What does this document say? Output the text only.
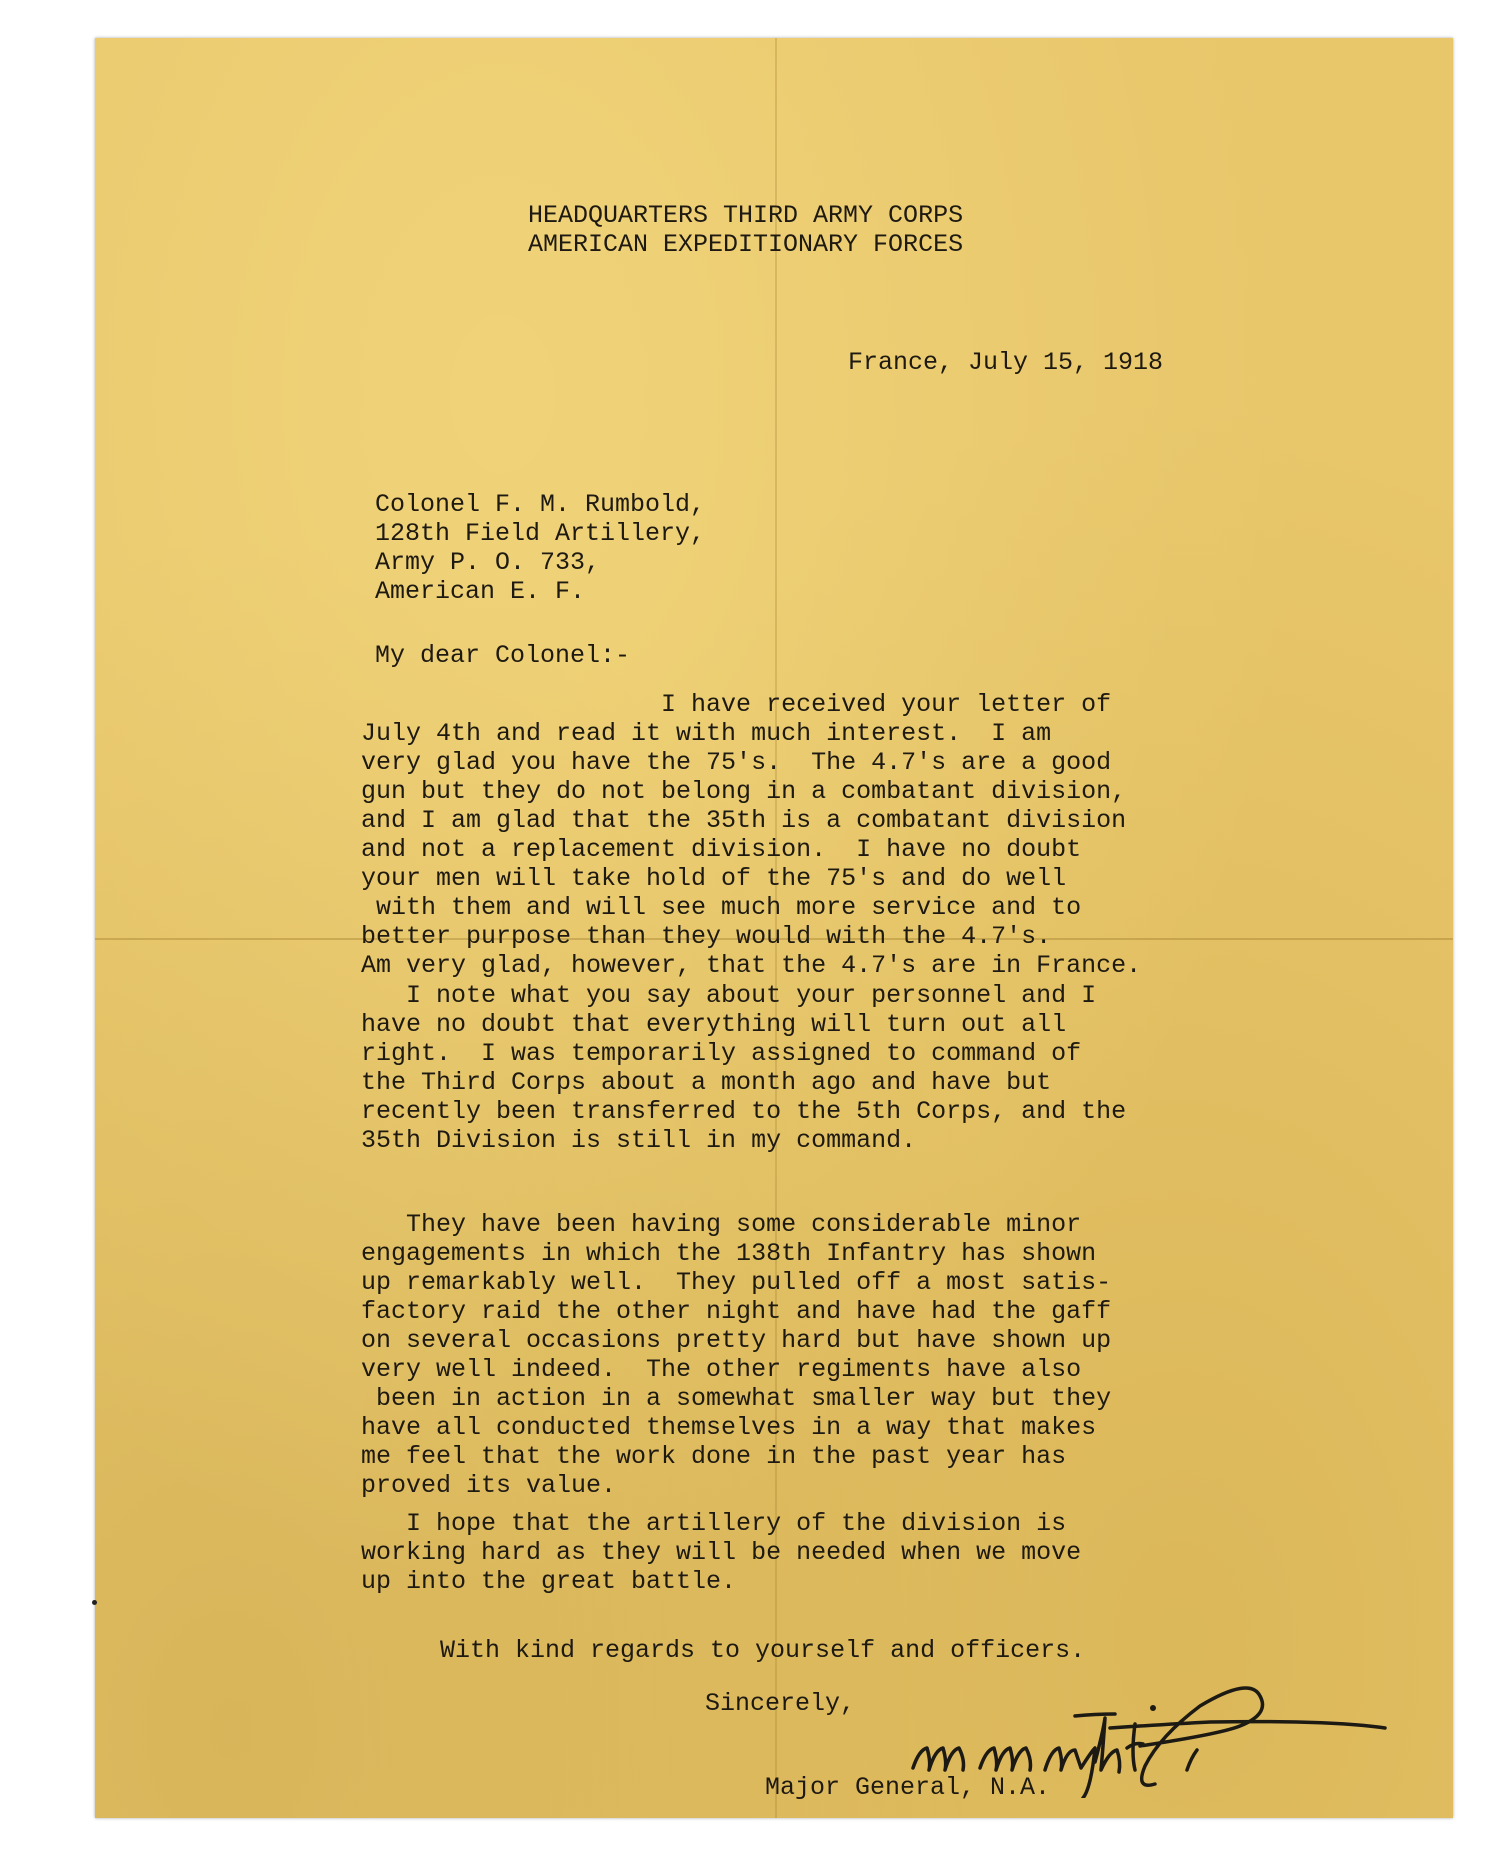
HEADQUARTERS THIRD ARMY CORPS
AMERICAN EXPEDITIONARY FORCES
France, July 15, 1918
Colonel F. M. Rumbold,
128th Field Artillery,
Army P. O. 733,
American E. F.
My dear Colonel:-
I have received your letter of
July 4th and read it with much interest.  I am
very glad you have the 75's.  The 4.7's are a good
gun but they do not belong in a combatant division,
and I am glad that the 35th is a combatant division
and not a replacement division.  I have no doubt
your men will take hold of the 75's and do well
with them and will see much more service and to
better purpose than they would with the 4.7's.
Am very glad, however, that the 4.7's are in France.
I note what you say about your personnel and I
have no doubt that everything will turn out all
right.  I was temporarily assigned to command of
the Third Corps about a month ago and have but
recently been transferred to the 5th Corps, and the
35th Division is still in my command.
They have been having some considerable minor
engagements in which the 138th Infantry has shown
up remarkably well.  They pulled off a most satis-
factory raid the other night and have had the gaff
on several occasions pretty hard but have shown up
very well indeed.  The other regiments have also
been in action in a somewhat smaller way but they
have all conducted themselves in a way that makes
me feel that the work done in the past year has
proved its value.
I hope that the artillery of the division is
working hard as they will be needed when we move
up into the great battle.
With kind regards to yourself and officers.
Sincerely,
Major General, N.A.
